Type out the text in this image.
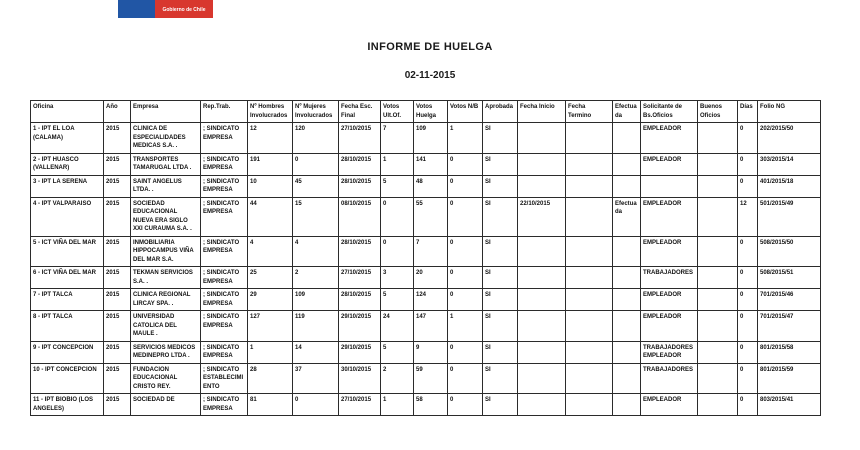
Gobierno de Chile
INFORME DE HUELGA
02-11-2015
Oficina	Año	Empresa	Rep.Trab.	Nº Hombres Involucrados	Nº Mujeres Involucrados	Fecha Esc. Final	Votos Ult.Of.	Votos Huelga	Votos N/B	Aprobada	Fecha Inicio	Fecha Termino	Efectuada	Solicitante de Bs.Oficios	Buenos Oficios	Días	Folio NG
1 - IPT EL LOA (CALAMA)	2015	CLINICA DE ESPECIALIDADES MEDICAS S.A. .	; SINDICATO EMPRESA	12	120	27/10/2015	7	109	1	SI				EMPLEADOR		0	202/2015/50
2 - IPT HUASCO (VALLENAR)	2015	TRANSPORTES TAMARUGAL LTDA .	; SINDICATO EMPRESA	191	0	28/10/2015	1	141	0	SI				EMPLEADOR		0	303/2015/14
3 - IPT LA SERENA	2015	SAINT ANGELUS LTDA. .	; SINDICATO EMPRESA	10	45	28/10/2015	5	48	0	SI						0	401/2015/18
4 - IPT VALPARAISO	2015	SOCIEDAD EDUCACIONAL NUEVA ERA SIGLO XXI CURAUMA S.A. .	; SINDICATO EMPRESA	44	15	08/10/2015	0	55	0	SI	22/10/2015		Efectuada	EMPLEADOR		12	501/2015/49
5 - ICT VIÑA DEL MAR	2015	INMOBILIARIA HIPPOCAMPUS VIÑA DEL MAR S.A.	; SINDICATO EMPRESA	4	4	28/10/2015	0	7	0	SI				EMPLEADOR		0	508/2015/50
6 - ICT VIÑA DEL MAR	2015	TEKMAN SERVICIOS S.A. .	; SINDICATO EMPRESA	25	2	27/10/2015	3	20	0	SI				TRABAJADORES		0	508/2015/51
7 - IPT TALCA	2015	CLINICA REGIONAL LIRCAY SPA. .	; SINDICATO EMPRESA	29	109	28/10/2015	5	124	0	SI				EMPLEADOR		0	701/2015/46
8 - IPT TALCA	2015	UNIVERSIDAD CATOLICA DEL MAULE .	; SINDICATO EMPRESA	127	119	29/10/2015	24	147	1	SI				EMPLEADOR		0	701/2015/47
9 - IPT CONCEPCION	2015	SERVICIOS MEDICOS MEDINEPRO LTDA .	; SINDICATO EMPRESA	1	14	29/10/2015	5	9	0	SI				TRABAJADORES EMPLEADOR		0	801/2015/58
10 - IPT CONCEPCION	2015	FUNDACION EDUCACIONAL CRISTO REY.	; SINDICATO ESTABLECIMIENTO	28	37	30/10/2015	2	59	0	SI				TRABAJADORES		0	801/2015/59
11 - IPT BIOBIO (LOS ANGELES)	2015	SOCIEDAD DE	; SINDICATO EMPRESA	81	0	27/10/2015	1	58	0	SI				EMPLEADOR		0	803/2015/41
